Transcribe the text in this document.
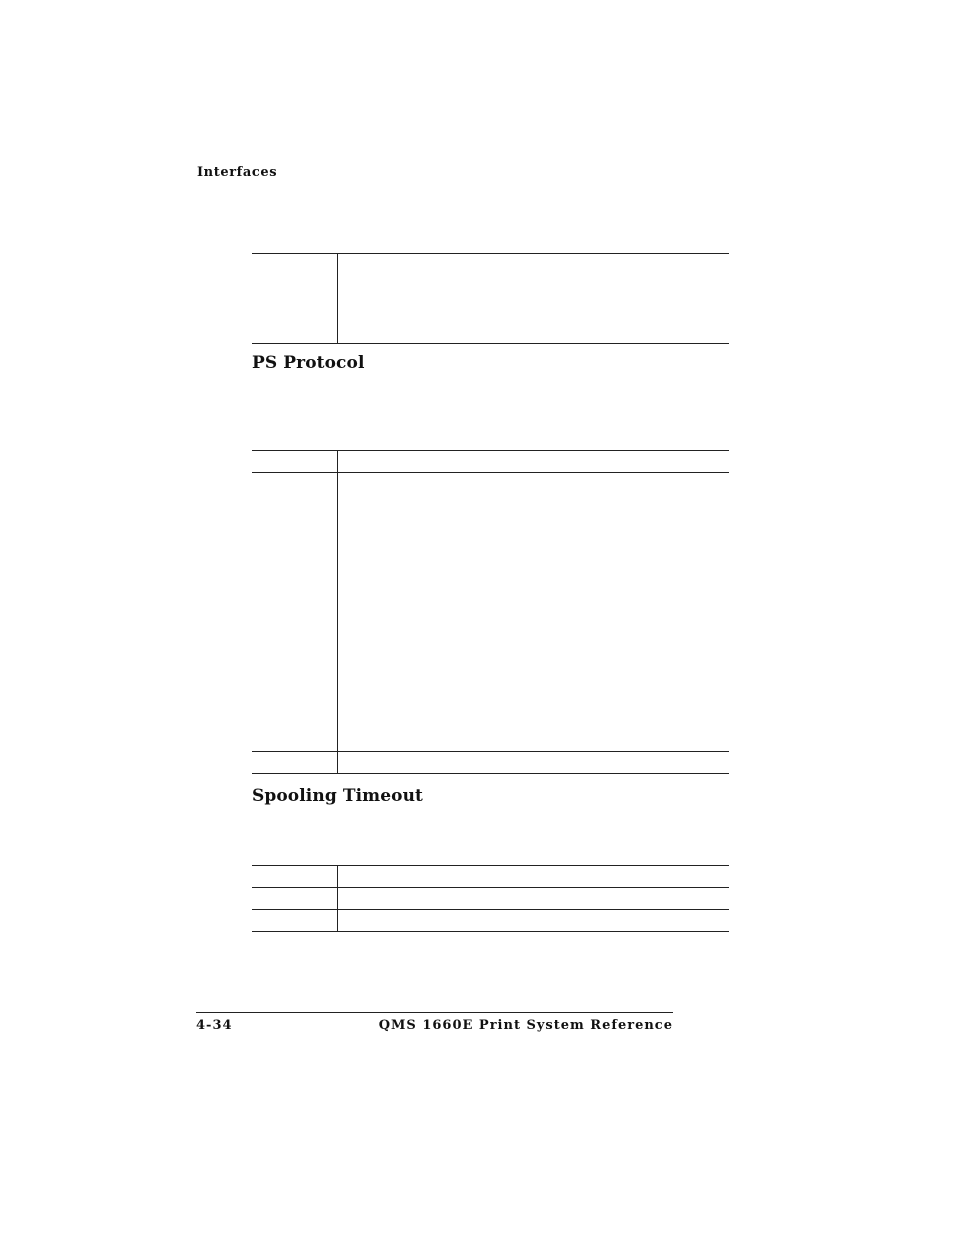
Interfaces
PS Protocol
Spooling Timeout
4-34	QMS 1660E Print System Reference
